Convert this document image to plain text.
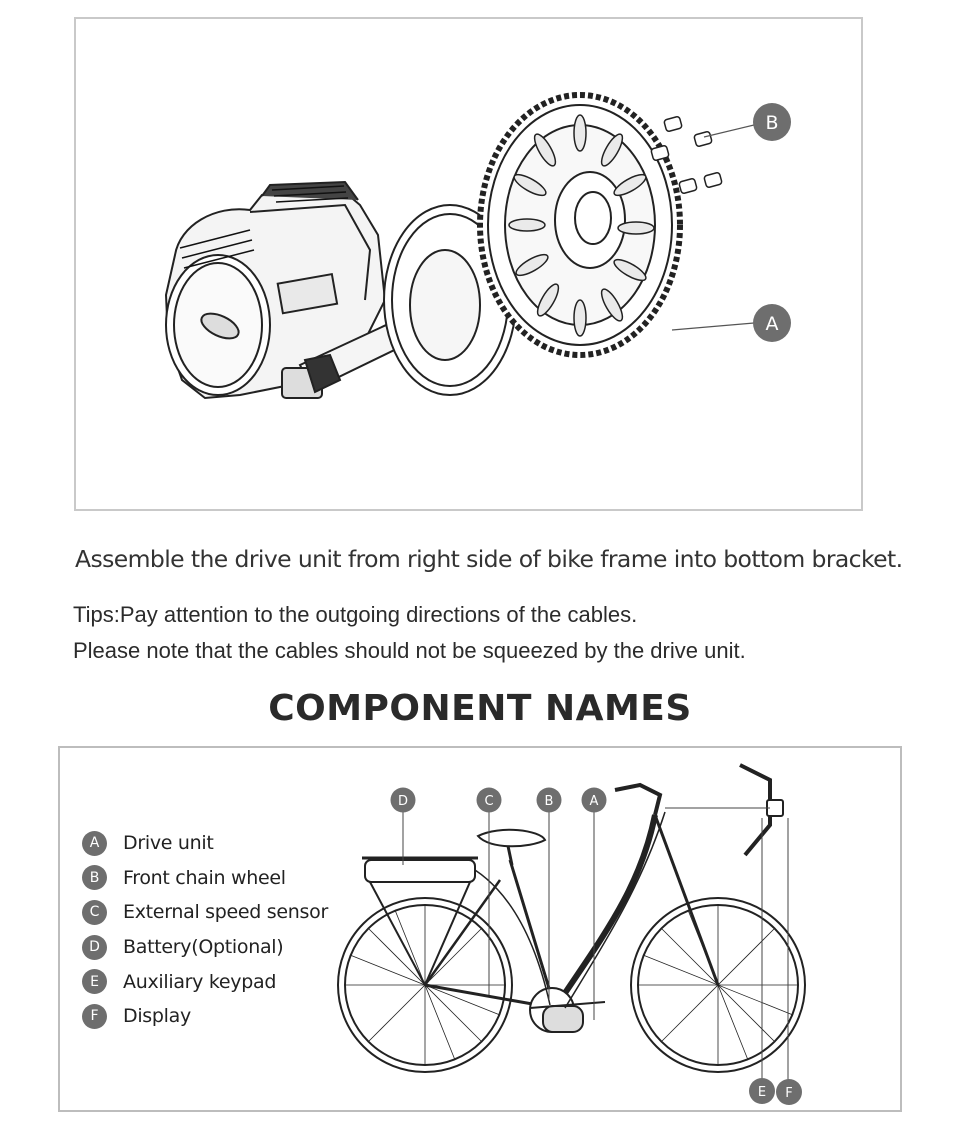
B
A
Assemble the drive unit from right side of bike frame into bottom bracket.
Tips:Pay attention to the outgoing directions of the cables.
Please note that the cables should not be squeezed by the drive unit.
COMPONENT NAMES
A	Drive unit
B	Front chain wheel
C	External speed sensor
D	Battery(Optional)
E	Auxiliary keypad
F	Display
D	C	B	A
E F
